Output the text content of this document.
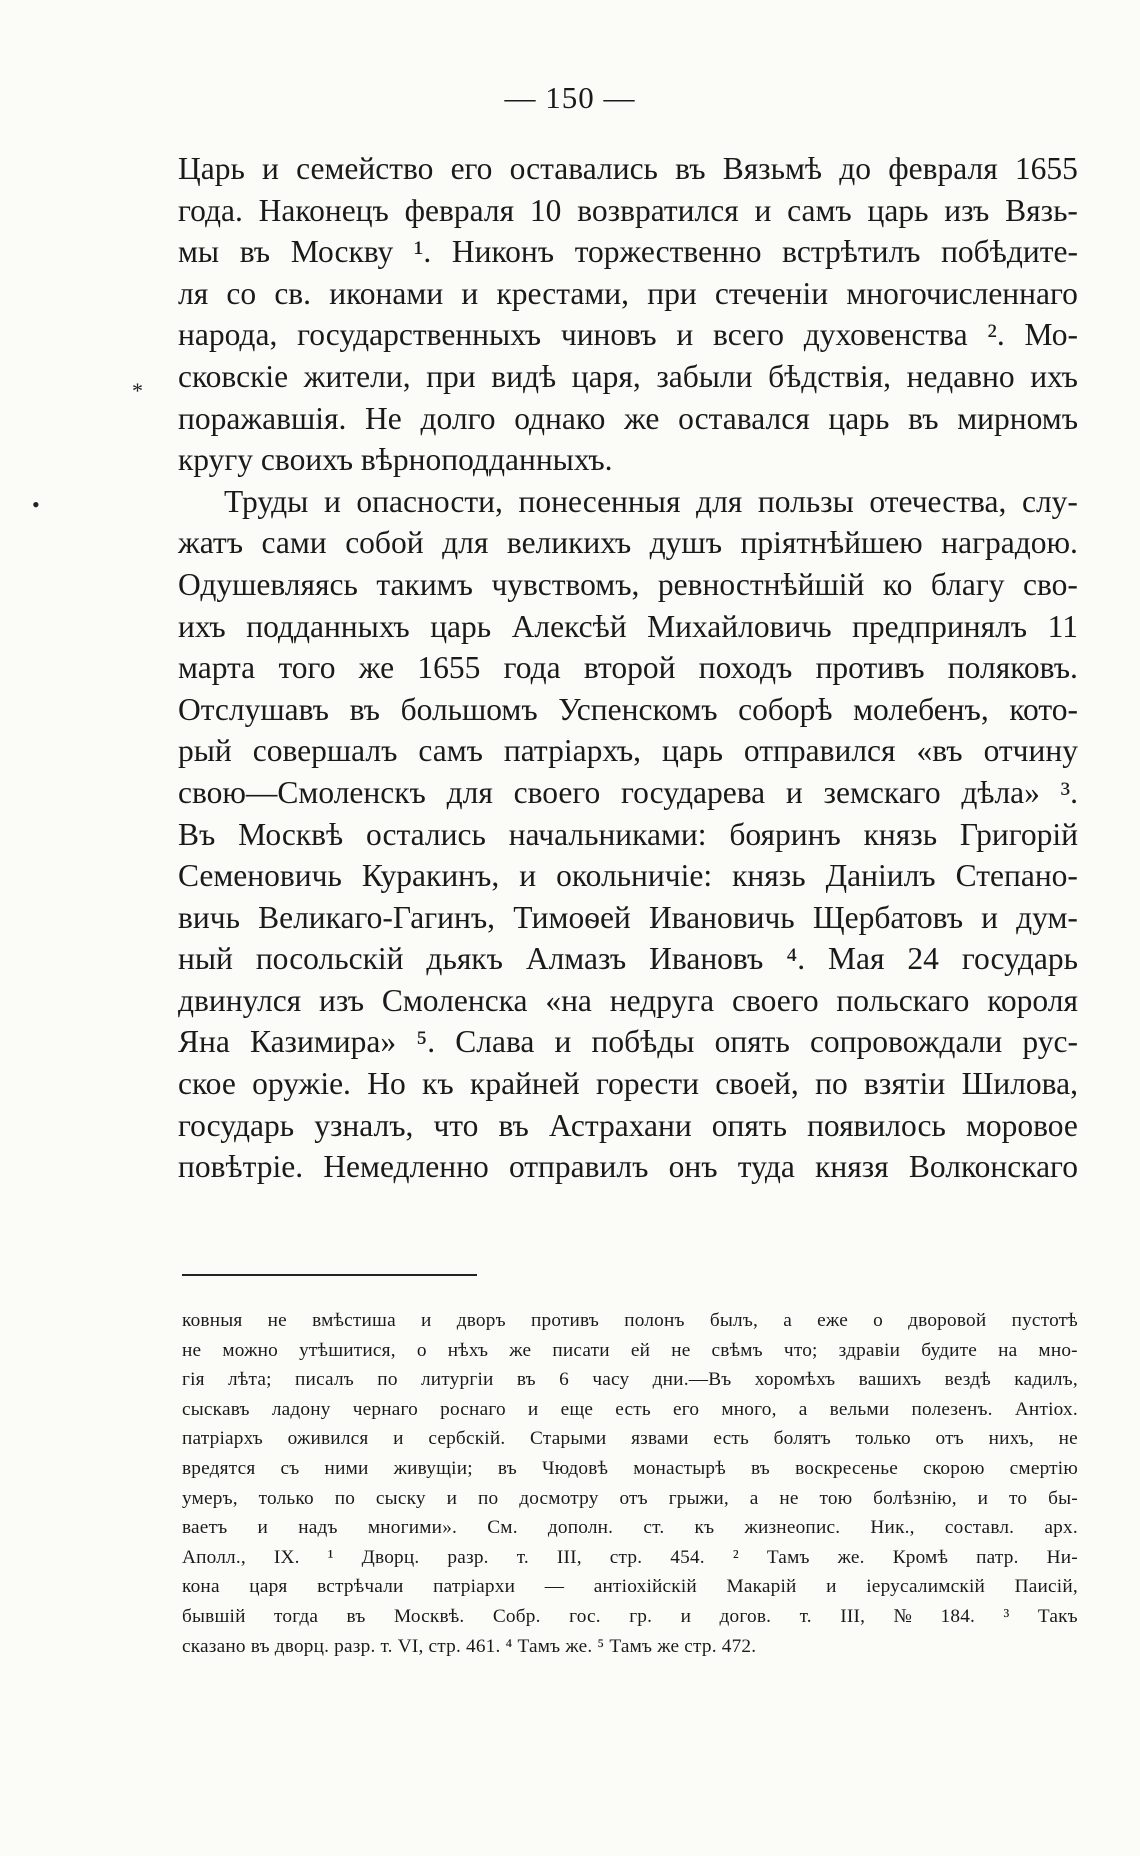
— 150 —
*
•
Царь и семейство его оставались въ Вязьмѣ до февраля 1655
года. Наконецъ февраля 10 возвратился и самъ царь изъ Вязь-
мы въ Москву ¹. Никонъ торжественно встрѣтилъ побѣдите-
ля со св. иконами и крестами, при стеченіи многочисленнаго
народа, государственныхъ чиновъ и всего духовенства ². Мо-
сковскіе жители, при видѣ царя, забыли бѣдствія, недавно ихъ
поражавшія. Не долго однако же оставался царь въ мирномъ
кругу своихъ вѣрноподданныхъ.
Труды и опасности, понесенныя для пользы отечества, слу-
жатъ сами собой для великихъ душъ пріятнѣйшею наградою.
Одушевляясь такимъ чувствомъ, ревностнѣйшій ко благу сво-
ихъ подданныхъ царь Алексѣй Михайловичь предпринялъ 11
марта того же 1655 года второй походъ противъ поляковъ.
Отслушавъ въ большомъ Успенскомъ соборѣ молебенъ, кото-
рый совершалъ самъ патріархъ, царь отправился «въ отчину
свою—Смоленскъ для своего государева и земскаго дѣла» ³.
Въ Москвѣ остались начальниками: бояринъ князь Григорій
Семеновичь Куракинъ, и окольничіе: князь Даніилъ Степано-
вичь Великаго-Гагинъ, Тимоѳей Ивановичь Щербатовъ и дум-
ный посольскій дьякъ Алмазъ Ивановъ ⁴. Мая 24 государь
двинулся изъ Смоленска «на недруга своего польскаго короля
Яна Казимира» ⁵. Слава и побѣды опять сопровождали рус-
ское оружіе. Но къ крайней горести своей, по взятіи Шилова,
государь узналъ, что въ Астрахани опять появилось моровое
повѣтріе. Немедленно отправилъ онъ туда князя Волконскаго
ковныя не вмѣстиша и дворъ противъ полонъ былъ, а еже о дворовой пустотѣ
не можно утѣшитися, о нѣхъ же писати ей не свѣмъ что; здравіи будите на мно-
гія лѣта; писалъ по литургіи въ 6 часу дни.—Въ хоромѣхъ вашихъ вездѣ кадилъ,
сыскавъ ладону чернаго роснаго и еще есть его много, а вельми полезенъ. Антіох.
патріархъ оживился и сербскій. Старыми язвами есть болятъ только отъ нихъ, не
вредятся съ ними живущіи; въ Чюдовѣ монастырѣ въ воскресенье скорою смертію
умеръ, только по сыску и по досмотру отъ грыжи, а не тою болѣзнію, и то бы-
ваетъ и надъ многими». См. дополн. ст. къ жизнеопис. Ник., составл. арх.
Аполл., IX. ¹ Дворц. разр. т. III, стр. 454. ² Тамъ же. Кромѣ патр. Ни-
кона царя встрѣчали патріархи — антіохійскій Макарій и іерусалимскій Паисій,
бывшій тогда въ Москвѣ. Собр. гос. гр. и догов. т. III, № 184. ³ Такъ
сказано въ дворц. разр. т. VI, стр. 461. ⁴ Тамъ же. ⁵ Тамъ же стр. 472.
